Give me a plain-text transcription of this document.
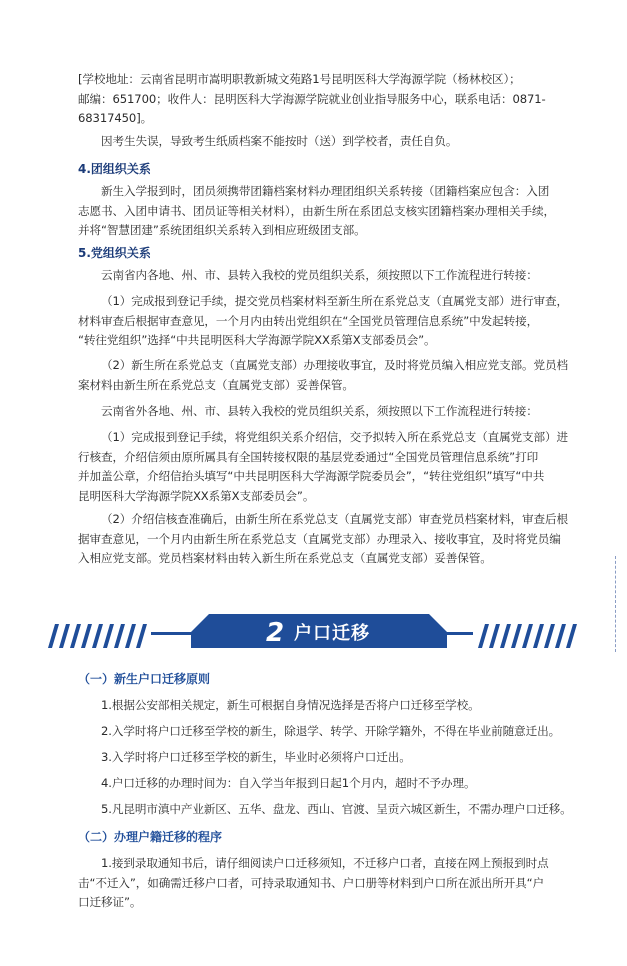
[学校地址：云南省昆明市嵩明职教新城文苑路1号昆明医科大学海源学院（杨林校区）；
邮编：651700；收件人：昆明医科大学海源学院就业创业指导服务中心，联系电话：0871-
68317450]。

因考生失误，导致考生纸质档案不能按时（送）到学校者，责任自负。

4.团组织关系

新生入学报到时，团员须携带团籍档案材料办理团组织关系转接（团籍档案应包含：入团
志愿书、入团申请书、团员证等相关材料），由新生所在系团总支核实团籍档案办理相关手续，
并将“智慧团建”系统团组织关系转入到相应班级团支部。

5.党组织关系

云南省内各地、州、市、县转入我校的党员组织关系，须按照以下工作流程进行转接：

（1）完成报到登记手续，提交党员档案材料至新生所在系党总支（直属党支部）进行审查，
材料审查后根据审查意见，一个月内由转出党组织在“全国党员管理信息系统”中发起转接，
“转往党组织”选择“中共昆明医科大学海源学院XX系第X支部委员会”。

（2）新生所在系党总支（直属党支部）办理接收事宜，及时将党员编入相应党支部。党员档
案材料由新生所在系党总支（直属党支部）妥善保管。

云南省外各地、州、市、县转入我校的党员组织关系，须按照以下工作流程进行转接：

（1）完成报到登记手续，将党组织关系介绍信，交予拟转入所在系党总支（直属党支部）进
行核查，介绍信须由原所属具有全国转接权限的基层党委通过“全国党员管理信息系统”打印
并加盖公章，介绍信抬头填写“中共昆明医科大学海源学院委员会”，“转往党组织”填写“中共
昆明医科大学海源学院XX系第X支部委员会”。

（2）介绍信核查准确后，由新生所在系党总支（直属党支部）审查党员档案材料，审查后根
据审查意见，一个月内由新生所在系党总支（直属党支部）办理录入、接收事宜，及时将党员编
入相应党支部。党员档案材料由转入新生所在系党总支（直属党支部）妥善保管。

2 户口迁移

（一）新生户口迁移原则

1.根据公安部相关规定，新生可根据自身情况选择是否将户口迁移至学校。

2.入学时将户口迁移至学校的新生，除退学、转学、开除学籍外，不得在毕业前随意迁出。

3.入学时将户口迁移至学校的新生，毕业时必须将户口迁出。

4.户口迁移的办理时间为：自入学当年报到日起1个月内，超时不予办理。

5.凡昆明市滇中产业新区、五华、盘龙、西山、官渡、呈贡六城区新生，不需办理户口迁移。

（二）办理户籍迁移的程序

1.接到录取通知书后，请仔细阅读户口迁移须知，不迁移户口者，直接在网上预报到时点
击“不迁入”，如确需迁移户口者，可持录取通知书、户口册等材料到户口所在派出所开具“户
口迁移证”。
